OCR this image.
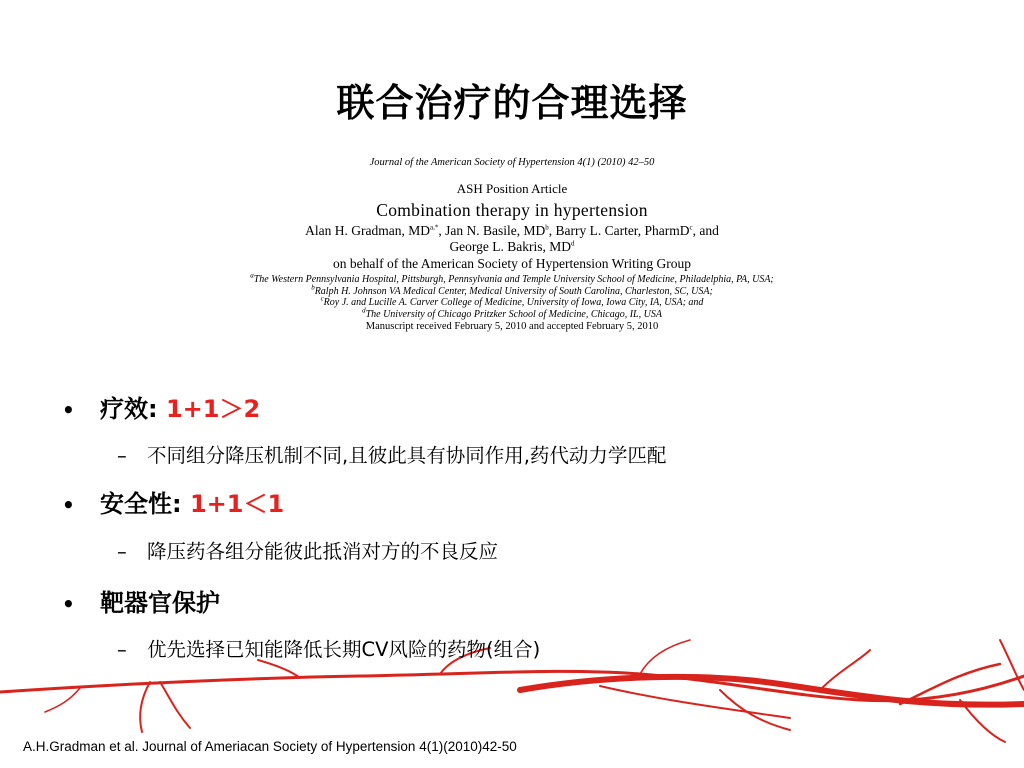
联合治疗的合理选择
Journal of the American Society of Hypertension 4(1) (2010) 42–50
ASH Position Article
Combination therapy in hypertension
Alan H. Gradman, $MD^{a,*}$, Jan N. Basile, $MD^b$, Barry L. Carter, PharmD$^c$, and
George L. Bakris, $MD^d$
on behalf of the American Society of Hypertension Writing Group
$^a$The Western Pennsylvania Hospital, Pittsburgh, Pennsylvania and Temple University School of Medicine, Philadelphia, PA, USA;
$^b$Ralph H. Johnson VA Medical Center, Medical University of South Carolina, Charleston, SC, USA;
$^c$Roy J. and Lucille A. Carver College of Medicine, University of Iowa, Iowa City, IA, USA; and
$^d$The University of Chicago Pritzker School of Medicine, Chicago, IL, USA
Manuscript received February 5, 2010 and accepted February 5, 2010
• 疗效: 1+1＞2
– 不同组分降压机制不同,且彼此具有协同作用,药代动力学匹配
• 安全性: 1+1＜1
– 降压药各组分能彼此抵消对方的不良反应
• 靶器官保护
– 优先选择已知能降低长期CV风险的药物(组合)
A.H.Gradman et al. Journal of Ameriacan Society of Hypertension 4(1)(2010)42-50
